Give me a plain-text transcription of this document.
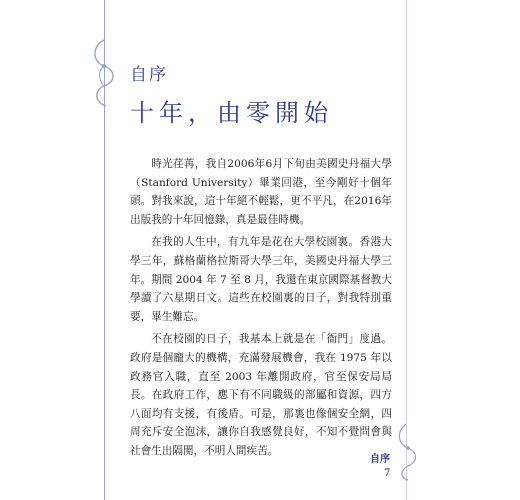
自序
十年，由零開始

時光荏苒，我自2006年6月下旬由美國史丹福大學（Stanford University）畢業回港，至今剛好十個年頭。對我來說，這十年絕不輕鬆，更不平凡，在2016年出版我的十年回憶錄，真是最佳時機。

在我的人生中，有九年是花在大學校園裏。香港大學三年，蘇格蘭格拉斯哥大學三年，美國史丹福大學三年。期間 2004 年 7 至 8 月，我還在東京國際基督教大學讀了六星期日文。這些在校園裏的日子，對我特別重要，畢生難忘。

不在校園的日子，我基本上就是在「衙門」度過。政府是個龐大的機構，充滿發展機會，我在 1975 年以政務官入職，直至 2003 年離開政府，官至保安局局長。在政府工作，應下有不同職級的部屬和資源，四方八面均有支援，有後盾。可是，那裏也像個安全網，四周充斥安全泡沫，讓你自我感覺良好，不知不覺問會與社會生出隔閡，不明人間疾苦。

自序
7
